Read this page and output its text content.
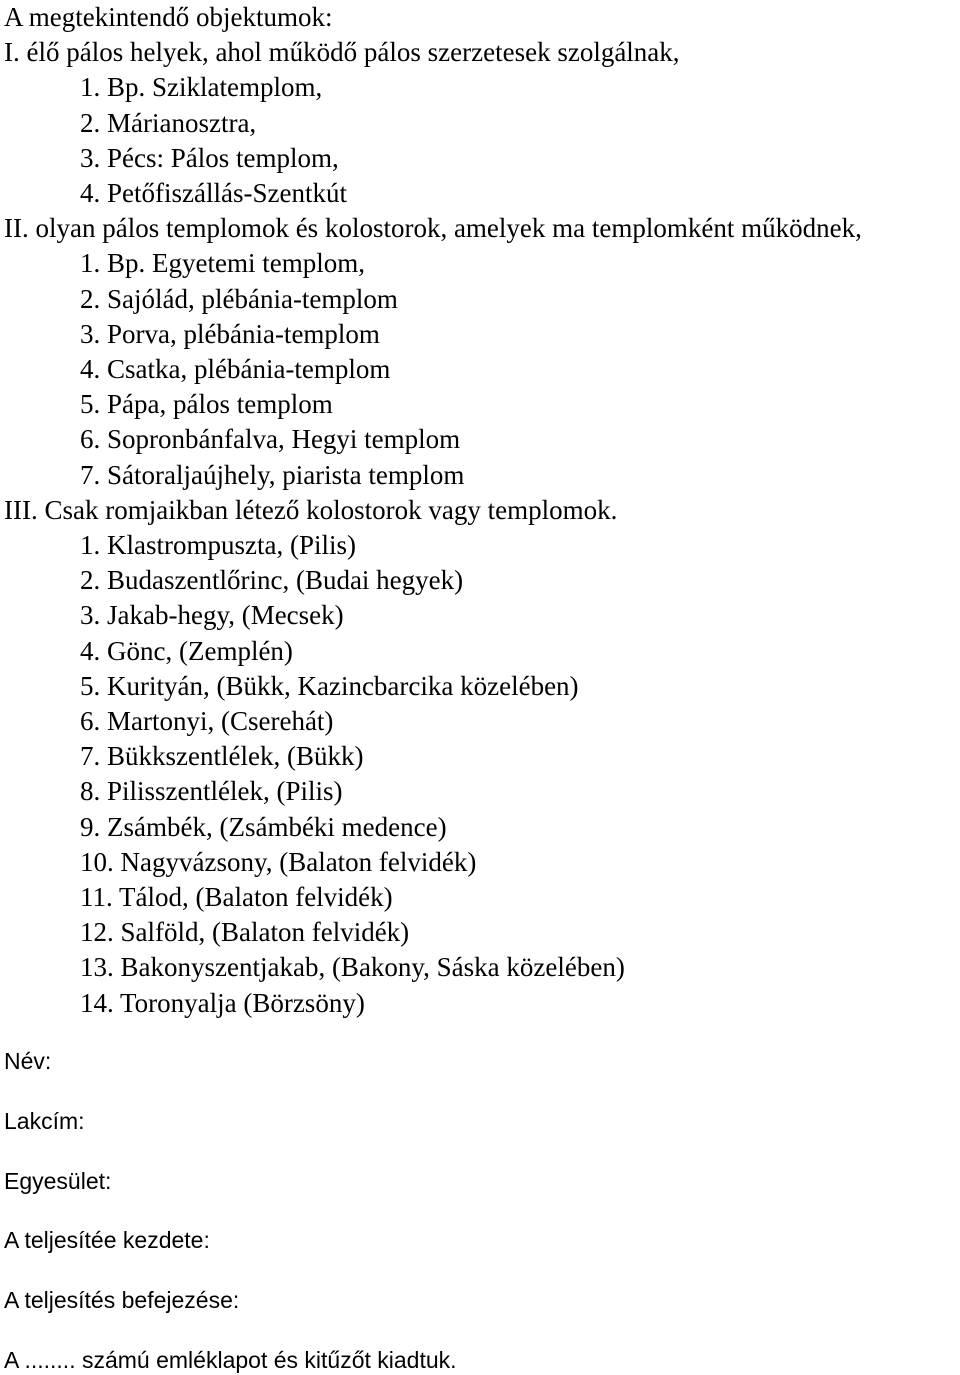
A megtekintendő objektumok:
I. élő pálos helyek, ahol működő pálos szerzetesek szolgálnak,
1. Bp. Sziklatemplom,
2. Márianosztra,
3. Pécs: Pálos templom,
4. Petőfiszállás-Szentkút
II. olyan pálos templomok és kolostorok, amelyek ma templomként működnek,
1. Bp. Egyetemi templom,
2. Sajólád, plébánia-templom
3. Porva, plébánia-templom
4. Csatka, plébánia-templom
5. Pápa, pálos templom
6. Sopronbánfalva, Hegyi templom
7. Sátoraljaújhely, piarista templom
III. Csak romjaikban létező kolostorok vagy templomok.
1. Klastrompuszta, (Pilis)
2. Budaszentlőrinc, (Budai hegyek)
3. Jakab-hegy, (Mecsek)
4. Gönc, (Zemplén)
5. Kurityán, (Bükk, Kazincbarcika közelében)
6. Martonyi, (Cserehát)
7. Bükkszentlélek, (Bükk)
8. Pilisszentlélek, (Pilis)
9. Zsámbék, (Zsámbéki medence)
10. Nagyvázsony, (Balaton felvidék)
11. Tálod, (Balaton felvidék)
12. Salföld, (Balaton felvidék)
13. Bakonyszentjakab, (Bakony, Sáska közelében)
14. Toronyalja (Börzsöny)
Név:
Lakcím:
Egyesület:
A teljesítée kezdete:
A teljesítés befejezése:
A ........ számú emléklapot és kitűzőt kiadtuk.
